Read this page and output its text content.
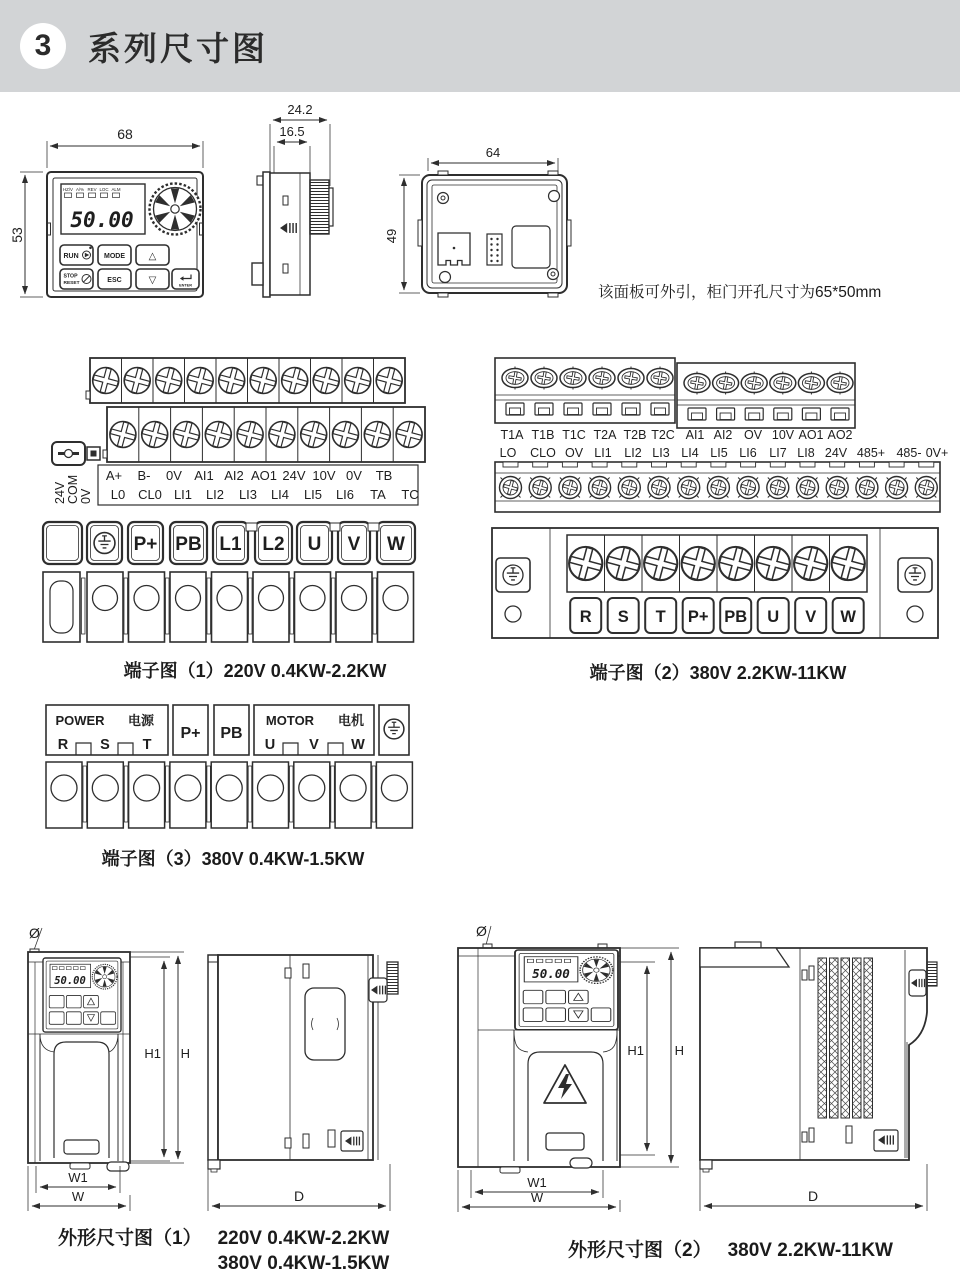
3	系列尺寸图
68
53
HZ/V A/% REV LOC ALM
50.00
RUN	MODE △
STOP
RESET	ESC	▽	ENTER
24.2
16.5
64
49
该面板可外引，柜门开孔尺寸为65*50mm
24V COM 0V
A+ B- 0V AI1 AI2 AO1 24V 10V 0V TB
L0 CL0 LI1 LI2 LI3 LI4 LI5 LI6 TA TC
P+ PB L1 L2 U V W
端子图（1）220V 0.4KW-2.2KW
T1A T1B T1C T2A T2B T2C AI1 AI2 OV 10V AO1 AO2
LO CLO OV LI1 LI2 LI3 LI4 LI5 LI6 LI7 LI8 24V 485+ 485- 0V+
R S T P+ PB U V W
端子图（2）380V 2.2KW-11KW
POWER 电源
R S T
P+ PB
MOTOR 电机
U V W
端子图（3）380V 0.4KW-1.5KW
Ø
50.00
H1 H
W1
W	D
外形尺寸图（1） 220V 0.4KW-2.2KW
380V 0.4KW-1.5KW
Ø
50.00
H1 H
W1
W	D
外形尺寸图（2） 380V 2.2KW-11KW
